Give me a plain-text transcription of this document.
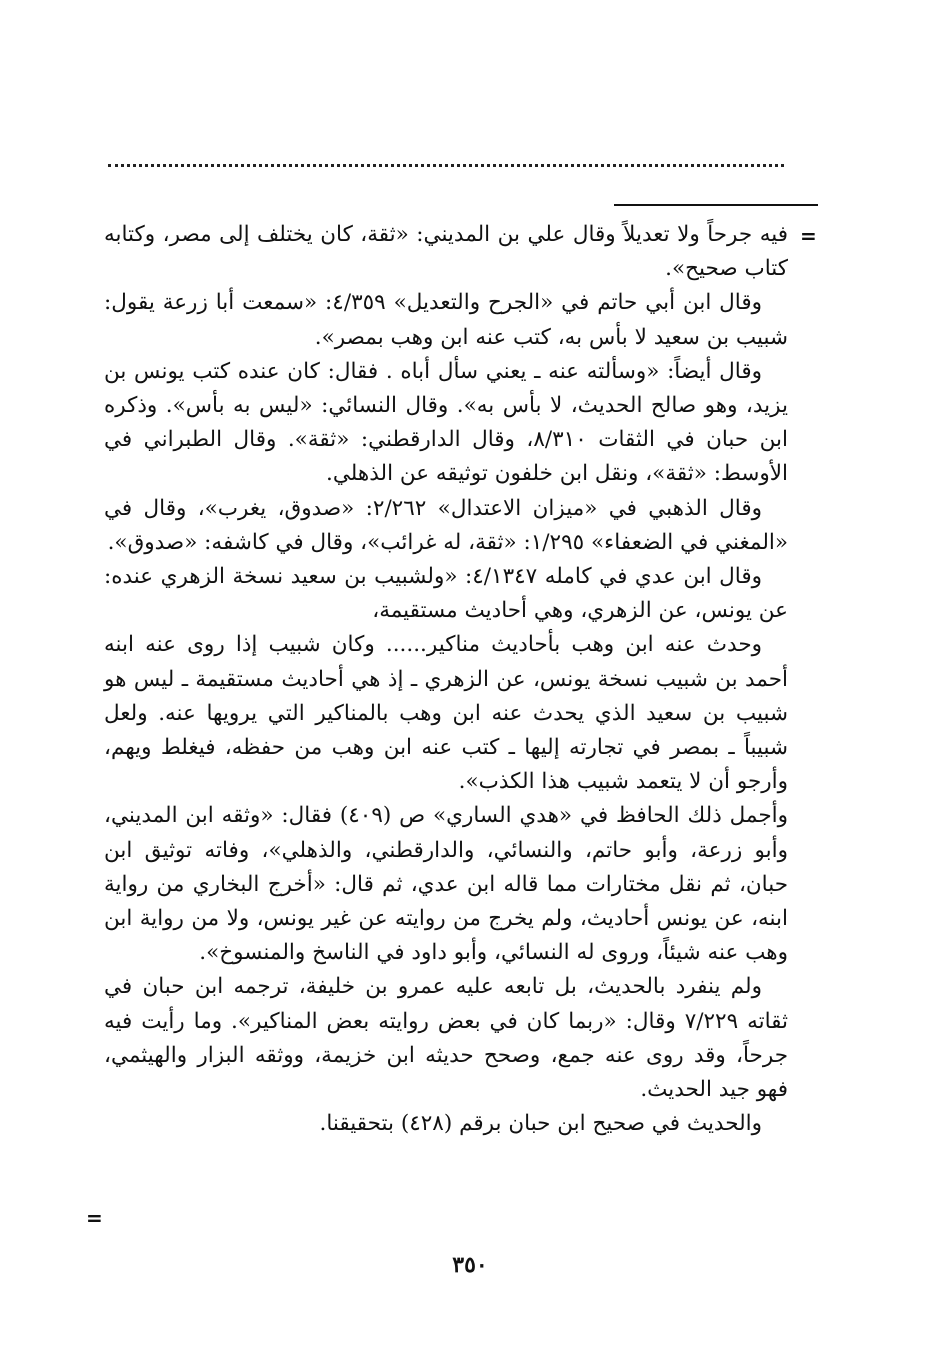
=

فيه جرحاً ولا تعديلاً وقال علي بن المديني: «ثقة، كان يختلف إلى مصر، وكتابه كتاب صحيح».

وقال ابن أبي حاتم في «الجرح والتعديل» ٤/٣٥٩: «سمعت أبا زرعة يقول: شبيب بن سعيد لا بأس به، كتب عنه ابن وهب بمصر».

وقال أيضاً: «وسألته عنه ـ يعني سأل أباه . فقال: كان عنده كتب يونس بن يزيد، وهو صالح الحديث، لا بأس به». وقال النسائي: «ليس به بأس». وذكره ابن حبان في الثقات ٨/٣١٠، وقال الدارقطني: «ثقة». وقال الطبراني في الأوسط: «ثقة»، ونقل ابن خلفون توثيقه عن الذهلي.

وقال الذهبي في «ميزان الاعتدال» ٢/٢٦٢: «صدوق، يغرب»، وقال في «المغني في الضعفاء» ١/٢٩٥: «ثقة، له غرائب»، وقال في كاشفه: «صدوق».

وقال ابن عدي في كامله ٤/١٣٤٧: «ولشبيب بن سعيد نسخة الزهري عنده: عن يونس، عن الزهري، وهي أحاديث مستقيمة،

وحدث عنه ابن وهب بأحاديث مناكير...... وكان شبيب إذا روى عنه ابنه أحمد بن شبيب نسخة يونس، عن الزهري ـ إذ هي أحاديث مستقيمة ـ ليس هو شبيب بن سعيد الذي يحدث عنه ابن وهب بالمناكير التي يرويها عنه. ولعل شبيباً ـ بمصر في تجارته إليها ـ كتب عنه ابن وهب من حفظه، فيغلط ويهم، وأرجو أن لا يتعمد شبيب هذا الكذب».

وأجمل ذلك الحافظ في «هدي الساري» ص (٤٠٩) فقال: «وثقه ابن المديني، وأبو زرعة، وأبو حاتم، والنسائي، والدارقطني، والذهلي»، وفاته توثيق ابن حبان، ثم نقل مختارات مما قاله ابن عدي، ثم قال: «أخرج البخاري من رواية ابنه، عن يونس أحاديث، ولم يخرج من روايته عن غير يونس، ولا من رواية ابن وهب عنه شيئاً، وروى له النسائي، وأبو داود في الناسخ والمنسوخ».

ولم ينفرد بالحديث، بل تابعه عليه عمرو بن خليفة، ترجمه ابن حبان في ثقاته ٧/٢٢٩ وقال: «ربما كان في بعض روايته بعض المناكير». وما رأيت فيه جرحاً، وقد روى عنه جمع، وصحح حديثه ابن خزيمة، ووثقه البزار والهيثمي، فهو جيد الحديث.

والحديث في صحيح ابن حبان برقم (٤٢٨) بتحقيقنا.

=
٣٥٠
